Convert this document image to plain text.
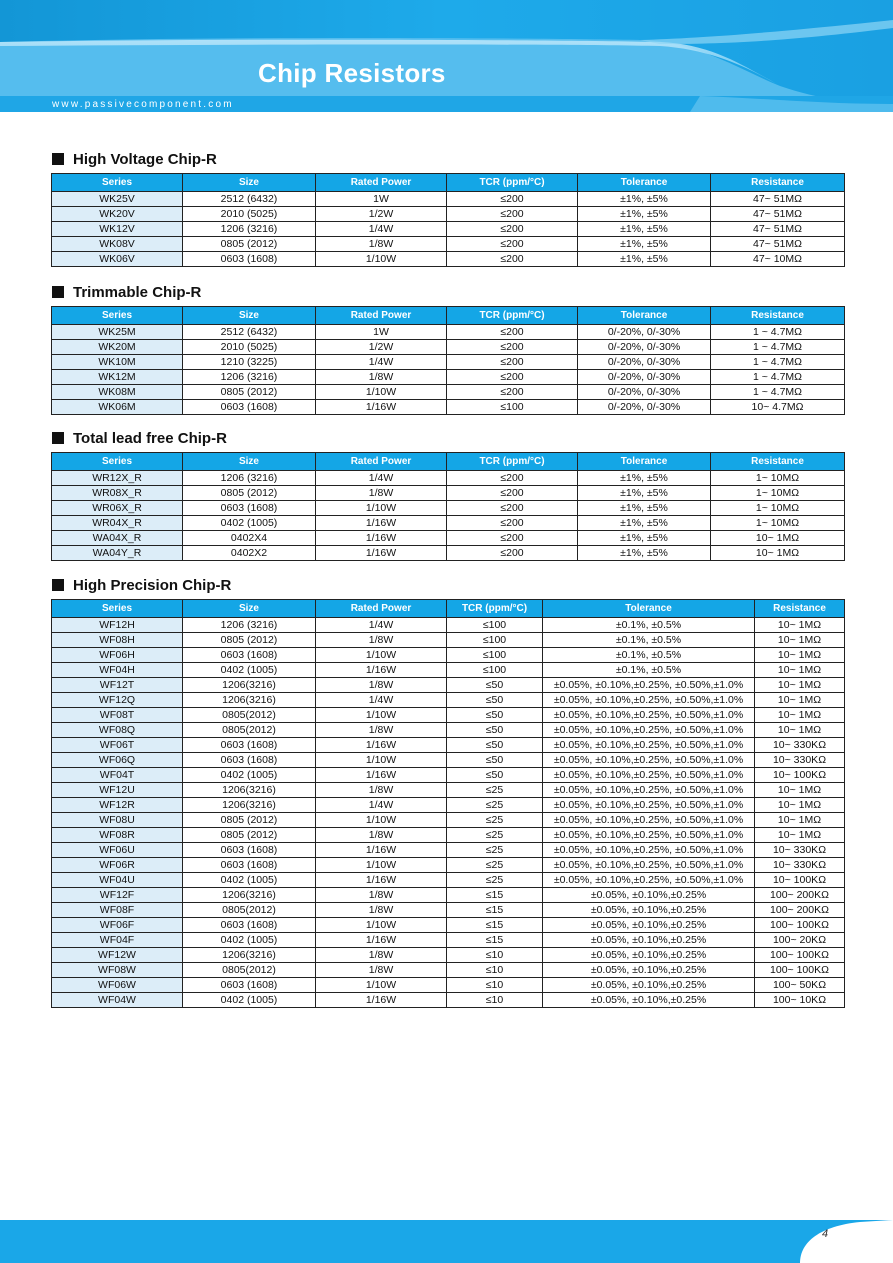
Chip Resistors
www.passivecomponent.com
High Voltage Chip-R
Series	Size	Rated Power	TCR (ppm/°C)	Tolerance	Resistance
WK25V	2512 (6432)	1W	≤200	±1%, ±5%	47~ 51MΩ
WK20V	2010 (5025)	1/2W	≤200	±1%, ±5%	47~ 51MΩ
WK12V	1206 (3216)	1/4W	≤200	±1%, ±5%	47~ 51MΩ
WK08V	0805 (2012)	1/8W	≤200	±1%, ±5%	47~ 51MΩ
WK06V	0603 (1608)	1/10W	≤200	±1%, ±5%	47~ 10MΩ
Trimmable Chip-R
Series	Size	Rated Power	TCR (ppm/°C)	Tolerance	Resistance
WK25M	2512 (6432)	1W	≤200	0/-20%, 0/-30%	1 ~ 4.7MΩ
WK20M	2010 (5025)	1/2W	≤200	0/-20%, 0/-30%	1 ~ 4.7MΩ
WK10M	1210 (3225)	1/4W	≤200	0/-20%, 0/-30%	1 ~ 4.7MΩ
WK12M	1206 (3216)	1/8W	≤200	0/-20%, 0/-30%	1 ~ 4.7MΩ
WK08M	0805 (2012)	1/10W	≤200	0/-20%, 0/-30%	1 ~ 4.7MΩ
WK06M	0603 (1608)	1/16W	≤100	0/-20%, 0/-30%	10~ 4.7MΩ
Total lead free Chip-R
Series	Size	Rated Power	TCR (ppm/°C)	Tolerance	Resistance
WR12X_R	1206 (3216)	1/4W	≤200	±1%, ±5%	1~ 10MΩ
WR08X_R	0805 (2012)	1/8W	≤200	±1%, ±5%	1~ 10MΩ
WR06X_R	0603 (1608)	1/10W	≤200	±1%, ±5%	1~ 10MΩ
WR04X_R	0402 (1005)	1/16W	≤200	±1%, ±5%	1~ 10MΩ
WA04X_R	0402X4	1/16W	≤200	±1%, ±5%	10~ 1MΩ
WA04Y_R	0402X2	1/16W	≤200	±1%, ±5%	10~ 1MΩ
High Precision Chip-R
Series	Size	Rated Power	TCR (ppm/°C)	Tolerance	Resistance
WF12H	1206 (3216)	1/4W	≤100	±0.1%, ±0.5%	10~ 1MΩ
WF08H	0805 (2012)	1/8W	≤100	±0.1%, ±0.5%	10~ 1MΩ
WF06H	0603 (1608)	1/10W	≤100	±0.1%, ±0.5%	10~ 1MΩ
WF04H	0402 (1005)	1/16W	≤100	±0.1%, ±0.5%	10~ 1MΩ
WF12T	1206(3216)	1/8W	≤50	±0.05%, ±0.10%,±0.25%, ±0.50%,±1.0%	10~ 1MΩ
WF12Q	1206(3216)	1/4W	≤50	±0.05%, ±0.10%,±0.25%, ±0.50%,±1.0%	10~ 1MΩ
WF08T	0805(2012)	1/10W	≤50	±0.05%, ±0.10%,±0.25%, ±0.50%,±1.0%	10~ 1MΩ
WF08Q	0805(2012)	1/8W	≤50	±0.05%, ±0.10%,±0.25%, ±0.50%,±1.0%	10~ 1MΩ
WF06T	0603 (1608)	1/16W	≤50	±0.05%, ±0.10%,±0.25%, ±0.50%,±1.0%	10~ 330KΩ
WF06Q	0603 (1608)	1/10W	≤50	±0.05%, ±0.10%,±0.25%, ±0.50%,±1.0%	10~ 330KΩ
WF04T	0402 (1005)	1/16W	≤50	±0.05%, ±0.10%,±0.25%, ±0.50%,±1.0%	10~ 100KΩ
WF12U	1206(3216)	1/8W	≤25	±0.05%, ±0.10%,±0.25%, ±0.50%,±1.0%	10~ 1MΩ
WF12R	1206(3216)	1/4W	≤25	±0.05%, ±0.10%,±0.25%, ±0.50%,±1.0%	10~ 1MΩ
WF08U	0805 (2012)	1/10W	≤25	±0.05%, ±0.10%,±0.25%, ±0.50%,±1.0%	10~ 1MΩ
WF08R	0805 (2012)	1/8W	≤25	±0.05%, ±0.10%,±0.25%, ±0.50%,±1.0%	10~ 1MΩ
WF06U	0603 (1608)	1/16W	≤25	±0.05%, ±0.10%,±0.25%, ±0.50%,±1.0%	10~ 330KΩ
WF06R	0603 (1608)	1/10W	≤25	±0.05%, ±0.10%,±0.25%, ±0.50%,±1.0%	10~ 330KΩ
WF04U	0402 (1005)	1/16W	≤25	±0.05%, ±0.10%,±0.25%, ±0.50%,±1.0%	10~ 100KΩ
WF12F	1206(3216)	1/8W	≤15	±0.05%, ±0.10%,±0.25%	100~ 200KΩ
WF08F	0805(2012)	1/8W	≤15	±0.05%, ±0.10%,±0.25%	100~ 200KΩ
WF06F	0603 (1608)	1/10W	≤15	±0.05%, ±0.10%,±0.25%	100~ 100KΩ
WF04F	0402 (1005)	1/16W	≤15	±0.05%, ±0.10%,±0.25%	100~ 20KΩ
WF12W	1206(3216)	1/8W	≤10	±0.05%, ±0.10%,±0.25%	100~ 100KΩ
WF08W	0805(2012)	1/8W	≤10	±0.05%, ±0.10%,±0.25%	100~ 100KΩ
WF06W	0603 (1608)	1/10W	≤10	±0.05%, ±0.10%,±0.25%	100~ 50KΩ
WF04W	0402 (1005)	1/16W	≤10	±0.05%, ±0.10%,±0.25%	100~ 10KΩ
4
